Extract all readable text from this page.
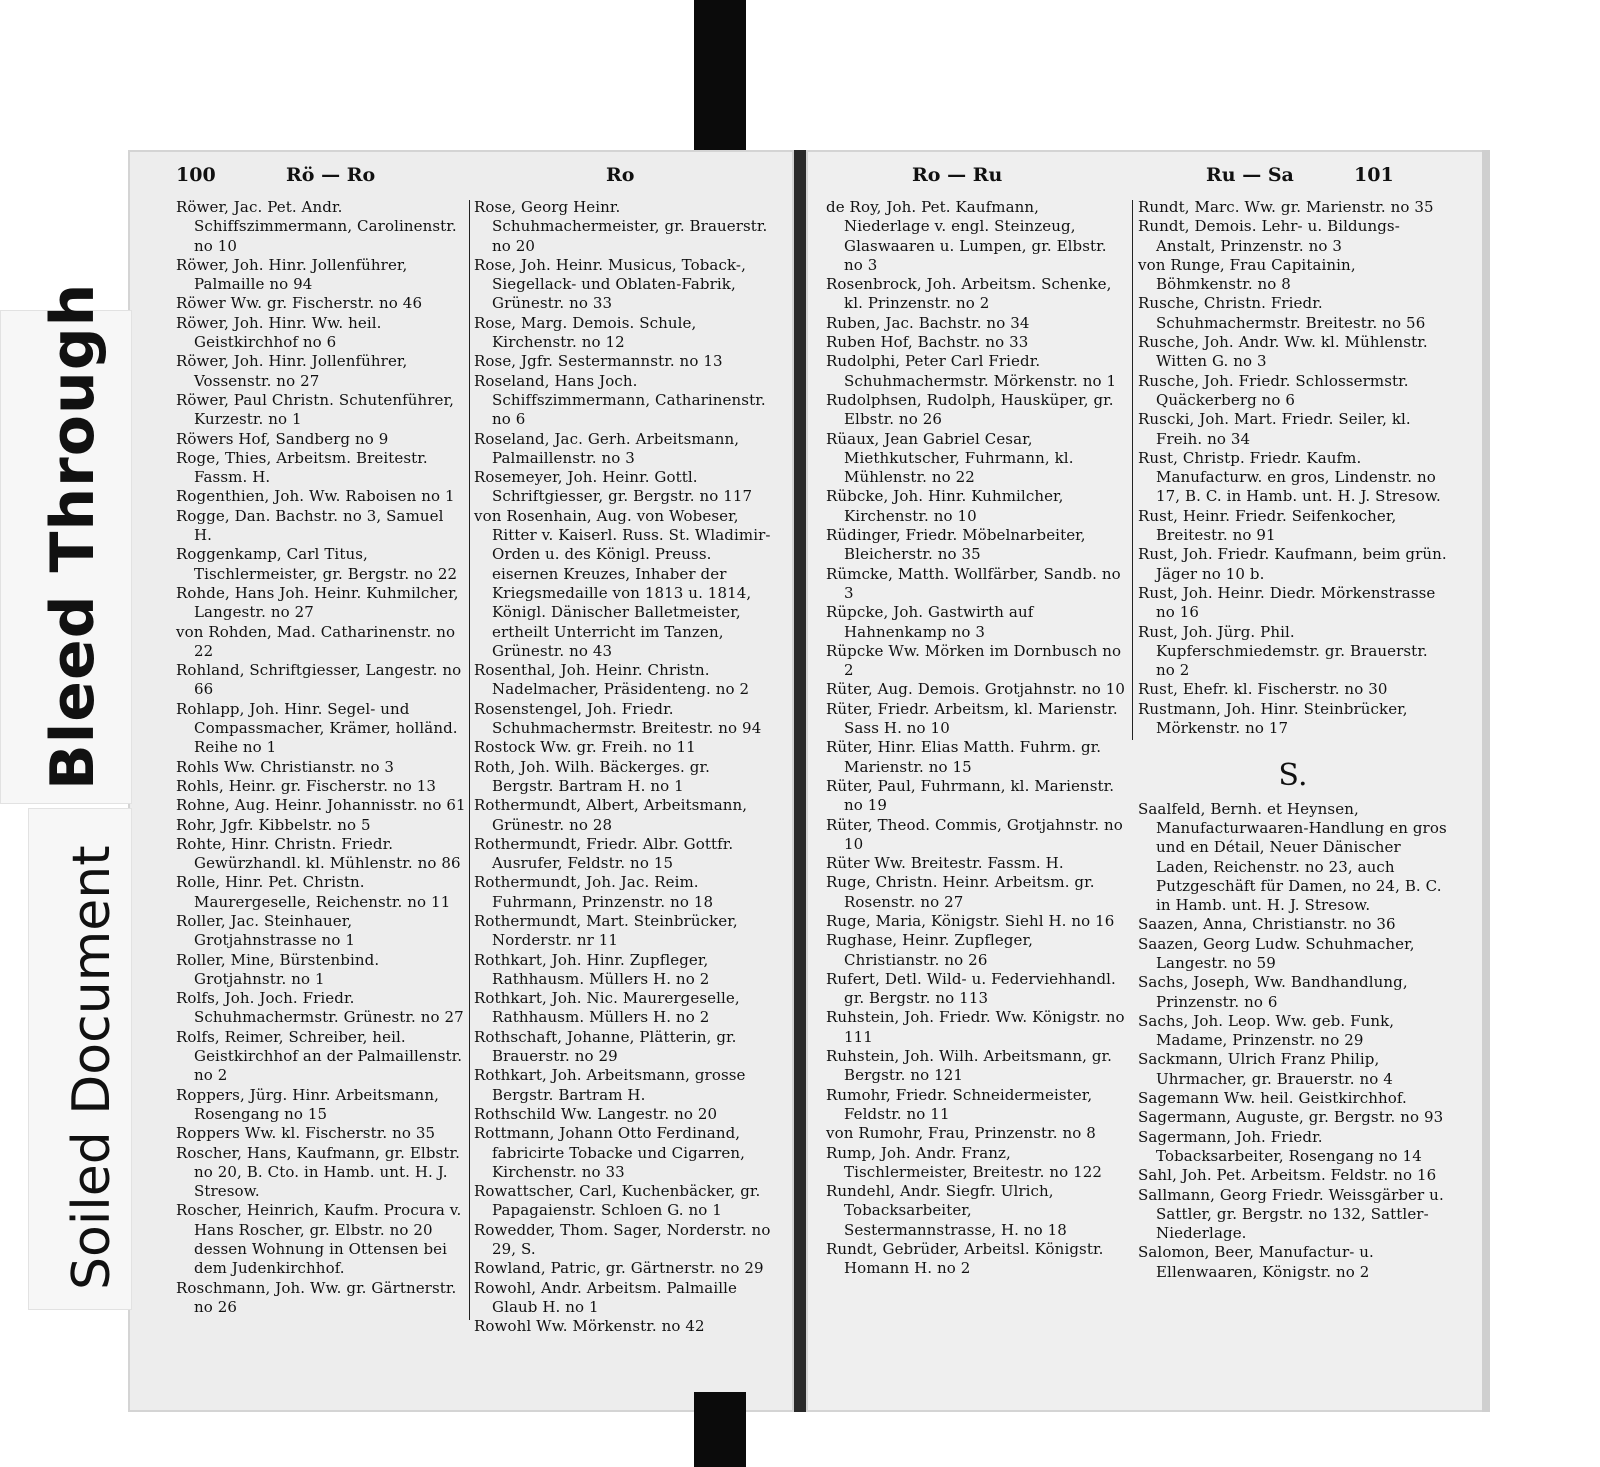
100	Rö — Ro	Ro
Röwer, Jac. Pet. Andr. Schiffszimmermann, Carolinenstr. no 10
Röwer, Joh. Hinr. Jollenführer, Palmaille no 94
Röwer Ww. gr. Fischerstr. no 46
Röwer, Joh. Hinr. Ww. heil. Geistkirchhof no 6
Röwer, Joh. Hinr. Jollenführer, Vossenstr. no 27
Röwer, Paul Christn. Schutenführer, Kurzestr. no 1
Röwers Hof, Sandberg no 9
Roge, Thies, Arbeitsm. Breitestr. Fassm. H.
Rogenthien, Joh. Ww. Raboisen no 1
Rogge, Dan. Bachstr. no 3, Samuel H.
Roggenkamp, Carl Titus, Tischlermeister, gr. Bergstr. no 22
Rohde, Hans Joh. Heinr. Kuhmilcher, Langestr. no 27
von Rohden, Mad. Catharinenstr. no 22
Rohland, Schriftgiesser, Langestr. no 66
Rohlapp, Joh. Hinr. Segel- und Compassmacher, Krämer, holländ. Reihe no 1
Rohls Ww. Christianstr. no 3
Rohls, Heinr. gr. Fischerstr. no 13
Rohne, Aug. Heinr. Johannisstr. no 61
Rohr, Jgfr. Kibbelstr. no 5
Rohte, Hinr. Christn. Friedr. Gewürzhandl. kl. Mühlenstr. no 86
Rolle, Hinr. Pet. Christn. Maurergeselle, Reichenstr. no 11
Roller, Jac. Steinhauer, Grotjahnstrasse no 1
Roller, Mine, Bürstenbind. Grotjahnstr. no 1
Rolfs, Joh. Joch. Friedr. Schuhmachermstr. Grünestr. no 27
Rolfs, Reimer, Schreiber, heil. Geistkirchhof an der Palmaillenstr. no 2
Roppers, Jürg. Hinr. Arbeitsmann, Rosengang no 15
Roppers Ww. kl. Fischerstr. no 35
Roscher, Hans, Kaufmann, gr. Elbstr. no 20, B. Cto. in Hamb. unt. H. J. Stresow.
Roscher, Heinrich, Kaufm. Procura v. Hans Roscher, gr. Elbstr. no 20 dessen Wohnung in Ottensen bei dem Judenkirchhof.
Roschmann, Joh. Ww. gr. Gärtnerstr. no 26
Rose, Georg Heinr. Schuhmachermeister, gr. Brauerstr. no 20
Rose, Joh. Heinr. Musicus, Toback-, Siegellack- und Oblaten-Fabrik, Grünestr. no 33
Rose, Marg. Demois. Schule, Kirchenstr. no 12
Rose, Jgfr. Sestermannstr. no 13
Roseland, Hans Joch. Schiffszimmermann, Catharinenstr. no 6
Roseland, Jac. Gerh. Arbeitsmann, Palmaillenstr. no 3
Rosemeyer, Joh. Heinr. Gottl. Schriftgiesser, gr. Bergstr. no 117
von Rosenhain, Aug. von Wobeser, Ritter v. Kaiserl. Russ. St. Wladimir-Orden u. des Königl. Preuss. eisernen Kreuzes, Inhaber der Kriegsmedaille von 1813 u. 1814, Königl. Dänischer Balletmeister, ertheilt Unterricht im Tanzen, Grünestr. no 43
Rosenthal, Joh. Heinr. Christn. Nadelmacher, Präsidenteng. no 2
Rosenstengel, Joh. Friedr. Schuhmachermstr. Breitestr. no 94
Rostock Ww. gr. Freih. no 11
Roth, Joh. Wilh. Bäckerges. gr. Bergstr. Bartram H. no 1
Rothermundt, Albert, Arbeitsmann, Grünestr. no 28
Rothermundt, Friedr. Albr. Gottfr. Ausrufer, Feldstr. no 15
Rothermundt, Joh. Jac. Reim. Fuhrmann, Prinzenstr. no 18
Rothermundt, Mart. Steinbrücker, Norderstr. nr 11
Rothkart, Joh. Hinr. Zupfleger, Rathhausm. Müllers H. no 2
Rothkart, Joh. Nic. Maurergeselle, Rathhausm. Müllers H. no 2
Rothschaft, Johanne, Plätterin, gr. Brauerstr. no 29
Rothkart, Joh. Arbeitsmann, grosse Bergstr. Bartram H.
Rothschild Ww. Langestr. no 20
Rottmann, Johann Otto Ferdinand, fabricirte Tobacke und Cigarren, Kirchenstr. no 33
Rowattscher, Carl, Kuchenbäcker, gr. Papagaienstr. Schloen G. no 1
Rowedder, Thom. Sager, Norderstr. no 29, S.
Rowland, Patric, gr. Gärtnerstr. no 29
Rowohl, Andr. Arbeitsm. Palmaille Glaub H. no 1
Rowohl Ww. Mörkenstr. no 42
Ro — Ru	Ru — Sa	101
de Roy, Joh. Pet. Kaufmann, Niederlage v. engl. Steinzeug, Glaswaaren u. Lumpen, gr. Elbstr. no 3
Rosenbrock, Joh. Arbeitsm. Schenke, kl. Prinzenstr. no 2
Ruben, Jac. Bachstr. no 34
Ruben Hof, Bachstr. no 33
Rudolphi, Peter Carl Friedr. Schuhmachermstr. Mörkenstr. no 1
Rudolphsen, Rudolph, Hausküper, gr. Elbstr. no 26
Rüaux, Jean Gabriel Cesar, Miethkutscher, Fuhrmann, kl. Mühlenstr. no 22
Rübcke, Joh. Hinr. Kuhmilcher, Kirchenstr. no 10
Rüdinger, Friedr. Möbelnarbeiter, Bleicherstr. no 35
Rümcke, Matth. Wollfärber, Sandb. no 3
Rüpcke, Joh. Gastwirth auf Hahnenkamp no 3
Rüpcke Ww. Mörken im Dornbusch no 2
Rüter, Aug. Demois. Grotjahnstr. no 10
Rüter, Friedr. Arbeitsm, kl. Marienstr. Sass H. no 10
Rüter, Hinr. Elias Matth. Fuhrm. gr. Marienstr. no 15
Rüter, Paul, Fuhrmann, kl. Marienstr. no 19
Rüter, Theod. Commis, Grotjahnstr. no 10
Rüter Ww. Breitestr. Fassm. H.
Ruge, Christn. Heinr. Arbeitsm. gr. Rosenstr. no 27
Ruge, Maria, Königstr. Siehl H. no 16
Rughase, Heinr. Zupfleger, Christianstr. no 26
Rufert, Detl. Wild- u. Federviehhandl. gr. Bergstr. no 113
Ruhstein, Joh. Friedr. Ww. Königstr. no 111
Ruhstein, Joh. Wilh. Arbeitsmann, gr. Bergstr. no 121
Rumohr, Friedr. Schneidermeister, Feldstr. no 11
von Rumohr, Frau, Prinzenstr. no 8
Rump, Joh. Andr. Franz, Tischlermeister, Breitestr. no 122
Rundehl, Andr. Siegfr. Ulrich, Tobacksarbeiter, Sestermannstrasse, H. no 18
Rundt, Gebrüder, Arbeitsl. Königstr. Homann H. no 2
Rundt, Marc. Ww. gr. Marienstr. no 35
Rundt, Demois. Lehr- u. Bildungs-Anstalt, Prinzenstr. no 3
von Runge, Frau Capitainin, Böhmkenstr. no 8
Rusche, Christn. Friedr. Schuhmachermstr. Breitestr. no 56
Rusche, Joh. Andr. Ww. kl. Mühlenstr. Witten G. no 3
Rusche, Joh. Friedr. Schlossermstr. Quäckerberg no 6
Ruscki, Joh. Mart. Friedr. Seiler, kl. Freih. no 34
Rust, Christp. Friedr. Kaufm. Manufacturw. en gros, Lindenstr. no 17, B. C. in Hamb. unt. H. J. Stresow.
Rust, Heinr. Friedr. Seifenkocher, Breitestr. no 91
Rust, Joh. Friedr. Kaufmann, beim grün. Jäger no 10 b.
Rust, Joh. Heinr. Diedr. Mörkenstrasse no 16
Rust, Joh. Jürg. Phil. Kupferschmiedemstr. gr. Brauerstr. no 2
Rust, Ehefr. kl. Fischerstr. no 30
Rustmann, Joh. Hinr. Steinbrücker, Mörkenstr. no 17
S.
Saalfeld, Bernh. et Heynsen, Manufacturwaaren-Handlung en gros und en Détail, Neuer Dänischer Laden, Reichenstr. no 23, auch Putzgeschäft für Damen, no 24, B. C. in Hamb. unt. H. J. Stresow.
Saazen, Anna, Christianstr. no 36
Saazen, Georg Ludw. Schuhmacher, Langestr. no 59
Sachs, Joseph, Ww. Bandhandlung, Prinzenstr. no 6
Sachs, Joh. Leop. Ww. geb. Funk, Madame, Prinzenstr. no 29
Sackmann, Ulrich Franz Philip, Uhrmacher, gr. Brauerstr. no 4
Sagemann Ww. heil. Geistkirchhof.
Sagermann, Auguste, gr. Bergstr. no 93
Sagermann, Joh. Friedr. Tobacksarbeiter, Rosengang no 14
Sahl, Joh. Pet. Arbeitsm. Feldstr. no 16
Sallmann, Georg Friedr. Weissgärber u. Sattler, gr. Bergstr. no 132, Sattler-Niederlage.
Salomon, Beer, Manufactur- u. Ellenwaaren, Königstr. no 2
Bleed Through
Soiled Document
